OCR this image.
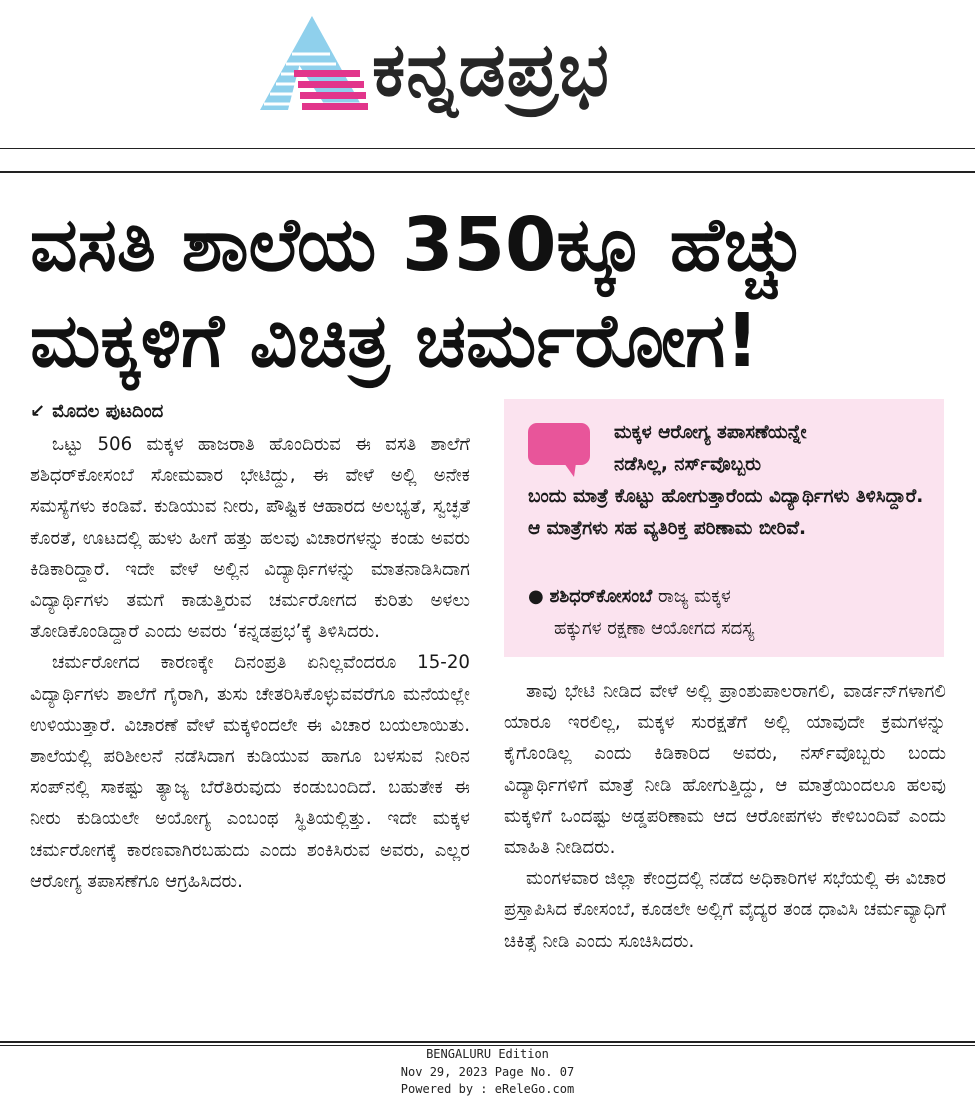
ಕನ್ನಡಪ್ರಭ
ವಸತಿ ಶಾಲೆಯ 350ಕ್ಕೂ ಹೆಚ್ಚು
ಮಕ್ಕಳಿಗೆ ವಿಚಿತ್ರ ಚರ್ಮರೋಗ!
↙ ಮೊದಲ ಪುಟದಿಂದ

ಒಟ್ಟು 506 ಮಕ್ಕಳ ಹಾಜರಾತಿ ಹೊಂದಿರುವ ಈ ವಸತಿ ಶಾಲೆಗೆ ಶಶಿಧರ್‌ಕೋಸಂಬೆ ಸೋಮವಾರ ಭೇಟಿದ್ದು, ಈ ವೇಳೆ ಅಲ್ಲಿ ಅನೇಕ ಸಮಸ್ಯೆಗಳು ಕಂಡಿವೆ. ಕುಡಿಯುವ ನೀರು, ಪೌಷ್ಟಿಕ ಆಹಾರದ ಅಲಭ್ಯತೆ, ಸ್ವಚ್ಛತೆ ಕೊರತೆ, ಊಟದಲ್ಲಿ ಹುಳು ಹೀಗೆ ಹತ್ತು ಹಲವು ವಿಚಾರಗಳನ್ನು ಕಂಡು ಅವರು ಕಿಡಿಕಾರಿದ್ದಾರೆ. ಇದೇ ವೇಳೆ ಅಲ್ಲಿನ ವಿದ್ಯಾರ್ಥಿಗಳನ್ನು ಮಾತನಾಡಿಸಿದಾಗ ವಿದ್ಯಾರ್ಥಿಗಳು ತಮಗೆ ಕಾಡುತ್ತಿರುವ ಚರ್ಮರೋಗದ ಕುರಿತು ಅಳಲು ತೋಡಿಕೊಂಡಿದ್ದಾರೆ ಎಂದು ಅವರು ‘ಕನ್ನಡಪ್ರಭ’ಕ್ಕೆ ತಿಳಿಸಿದರು.

ಚರ್ಮರೋಗದ ಕಾರಣಕ್ಕೇ ದಿನಂಪ್ರತಿ ಏನಿಲ್ಲವೆಂದರೂ 15-20 ವಿದ್ಯಾರ್ಥಿಗಳು ಶಾಲೆಗೆ ಗೈರಾಗಿ, ತುಸು ಚೇತರಿಸಿಕೊಳ್ಳುವವರೆಗೂ ಮನೆಯಲ್ಲೇ ಉಳಿಯುತ್ತಾರೆ. ವಿಚಾರಣೆ ವೇಳೆ ಮಕ್ಕಳಿಂದಲೇ ಈ ವಿಚಾರ ಬಯಲಾಯಿತು. ಶಾಲೆಯಲ್ಲಿ ಪರಿಶೀಲನೆ ನಡೆಸಿದಾಗ ಕುಡಿಯುವ ಹಾಗೂ ಬಳಸುವ ನೀರಿನ ಸಂಪ್‌ನಲ್ಲಿ ಸಾಕಷ್ಟು ತ್ಯಾಜ್ಯ ಬೆರೆತಿರುವುದು ಕಂಡುಬಂದಿದೆ. ಬಹುತೇಕ ಈ ನೀರು ಕುಡಿಯಲೇ ಅಯೋಗ್ಯ ಎಂಬಂಥ ಸ್ಥಿತಿಯಲ್ಲಿತ್ತು. ಇದೇ ಮಕ್ಕಳ ಚರ್ಮರೋಗಕ್ಕೆ ಕಾರಣವಾಗಿರಬಹುದು ಎಂದು ಶಂಕಿಸಿರುವ ಅವರು, ಎಲ್ಲರ ಆರೋಗ್ಯ ತಪಾಸಣೆಗೂ ಆಗ್ರಹಿಸಿದರು.

ಮಕ್ಕಳ ಆರೋಗ್ಯ ತಪಾಸಣೆಯನ್ನೇ
ನಡೆಸಿಲ್ಲ, ನರ್ಸ್‌ವೊಬ್ಬರು
ಬಂದು ಮಾತ್ರೆ ಕೊಟ್ಟು ಹೋಗುತ್ತಾರೆಂದು ವಿದ್ಯಾರ್ಥಿಗಳು ತಿಳಿಸಿದ್ದಾರೆ. ಆ ಮಾತ್ರೆಗಳು ಸಹ ವ್ಯತಿರಿಕ್ತ ಪರಿಣಾಮ ಬೀರಿವೆ.
● ಶಶಿಧರ್‌ಕೋಸಂಬೆ ರಾಜ್ಯ ಮಕ್ಕಳ
ಹಕ್ಕುಗಳ ರಕ್ಷಣಾ ಆಯೋಗದ ಸದಸ್ಯ

ತಾವು ಭೇಟಿ ನೀಡಿದ ವೇಳೆ ಅಲ್ಲಿ ಪ್ರಾಂಶುಪಾಲರಾಗಲಿ, ವಾರ್ಡನ್‌ಗಳಾಗಲಿ ಯಾರೂ ಇರಲಿಲ್ಲ, ಮಕ್ಕಳ ಸುರಕ್ಷತೆಗೆ ಅಲ್ಲಿ ಯಾವುದೇ ಕ್ರಮಗಳನ್ನು ಕೈಗೊಂಡಿಲ್ಲ ಎಂದು ಕಿಡಿಕಾರಿದ ಅವರು, ನರ್ಸ್‌ವೊಬ್ಬರು ಬಂದು ವಿದ್ಯಾರ್ಥಿಗಳಿಗೆ ಮಾತ್ರೆ ನೀಡಿ ಹೋಗುತ್ತಿದ್ದು, ಆ ಮಾತ್ರೆಯಿಂದಲೂ ಹಲವು ಮಕ್ಕಳಿಗೆ ಒಂದಷ್ಟು ಅಡ್ಡಪರಿಣಾಮ ಆದ ಆರೋಪಗಳು ಕೇಳಿಬಂದಿವೆ ಎಂದು ಮಾಹಿತಿ ನೀಡಿದರು.

ಮಂಗಳವಾರ ಜಿಲ್ಲಾ ಕೇಂದ್ರದಲ್ಲಿ ನಡೆದ ಅಧಿಕಾರಿಗಳ ಸಭೆಯಲ್ಲಿ ಈ ವಿಚಾರ ಪ್ರಸ್ತಾಪಿಸಿದ ಕೋಸಂಬೆ, ಕೂಡಲೇ ಅಲ್ಲಿಗೆ ವೈದ್ಯರ ತಂಡ ಧಾವಿಸಿ ಚರ್ಮವ್ಯಾಧಿಗೆ ಚಿಕಿತ್ಸೆ ನೀಡಿ ಎಂದು ಸೂಚಿಸಿದರು.

BENGALURU Edition
Nov 29, 2023 Page No. 07
Powered by : eReleGo.com
